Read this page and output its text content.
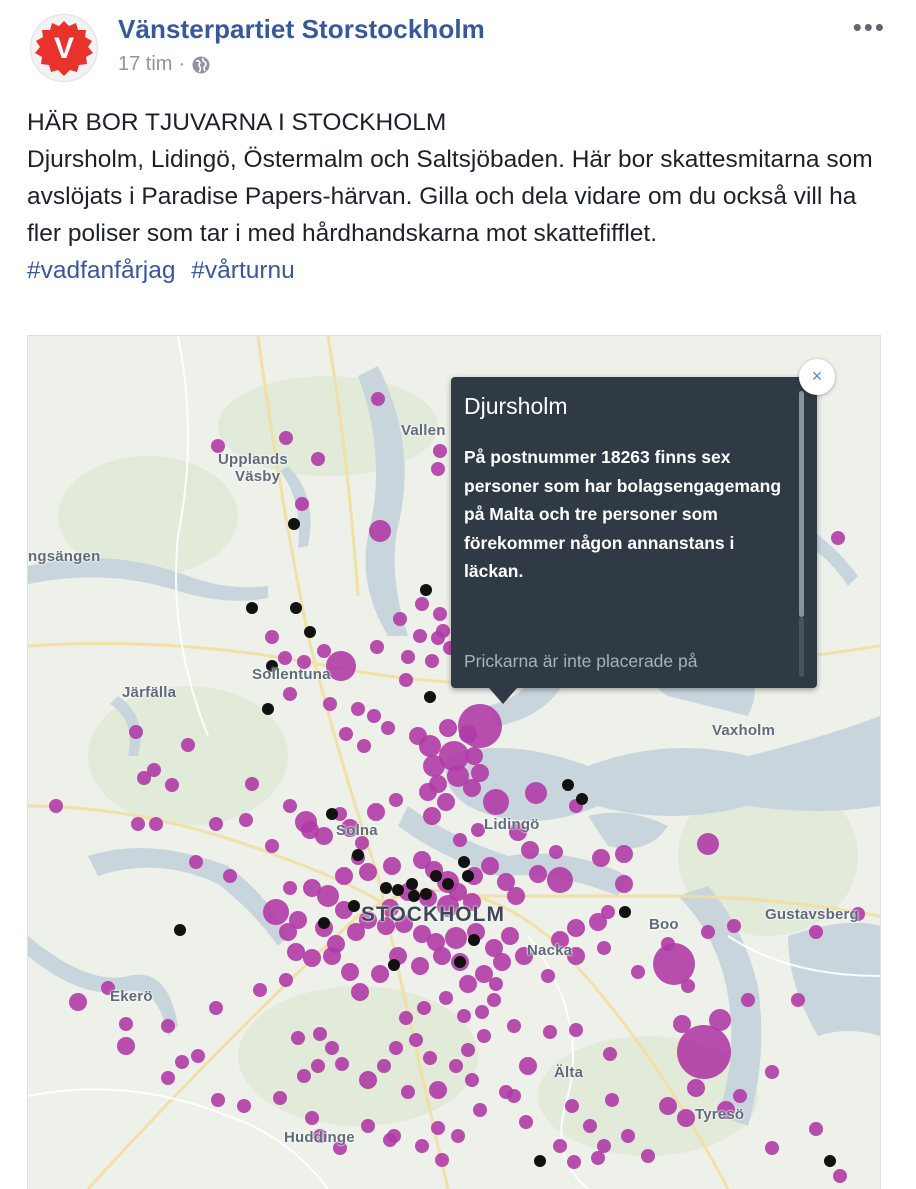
V
Vänsterpartiet Storstockholm
17 tim ·
•••

HÄR BOR TJUVARNA I STOCKHOLM

Djursholm, Lidingö, Östermalm och Saltsjöbaden. Här bor skattesmitarna som avslöjats i Paradise Papers-härvan. Gilla och dela vidare om du också vill ha fler poliser som tar i med hårdhandskarna mot skattefifflet.

#vadfanfårjag #vårturnu

Upplands
Väsby
Vallen
ngsängen
Sollentuna
Järfälla
Vaxholm
Lidingö
Solna
STOCKHOLM	Boo
Gustavsberg
Nacka
Ekerö
Älta
Tyresö
Huddinge
Djursholm
På postnummer 18263 finns sex personer som har bolagsengagemang på Malta och tre personer som förekommer någon annanstans i läckan.
Prickarna är inte placerade på
×
